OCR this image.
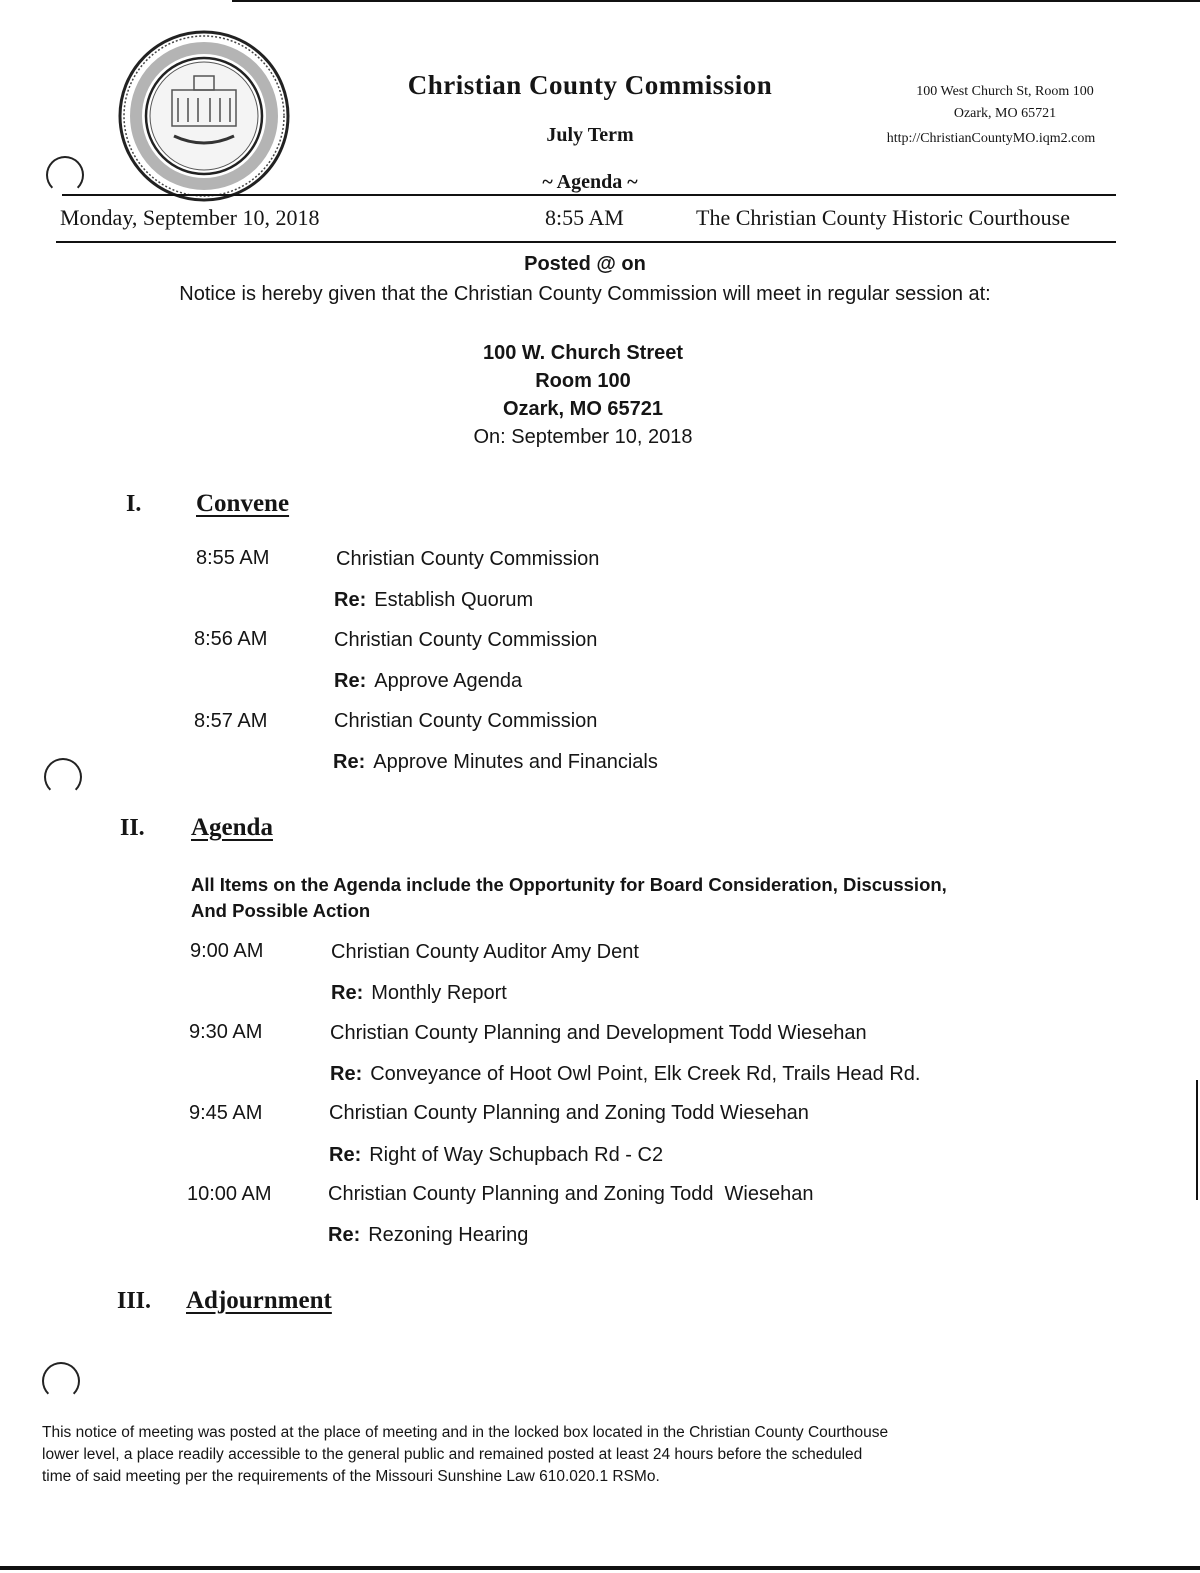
Christian County Commission
July Term
~ Agenda ~
100 West Church St, Room 100
Ozark, MO 65721
http://ChristianCountyMO.iqm2.com
Monday, September 10, 2018	8:55 AM	The Christian County Historic Courthouse
Posted @ on
Notice is hereby given that the Christian County Commission will meet in regular session at:
100 W. Church Street
Room 100
Ozark, MO 65721
On: September 10, 2018
I. Convene
8:55 AM	Christian County Commission
Re: Establish Quorum
8:56 AM	Christian County Commission
Re: Approve Agenda
8:57 AM	Christian County Commission
Re: Approve Minutes and Financials
II. Agenda
All Items on the Agenda include the Opportunity for Board Consideration, Discussion,
And Possible Action
9:00 AM	Christian County Auditor Amy Dent
Re: Monthly Report
9:30 AM	Christian County Planning and Development Todd Wiesehan
Re: Conveyance of Hoot Owl Point, Elk Creek Rd, Trails Head Rd.
9:45 AM	Christian County Planning and Zoning Todd Wiesehan
Re: Right of Way Schupbach Rd - C2
10:00 AM	Christian County Planning and Zoning Todd  Wiesehan
Re: Rezoning Hearing
III. Adjournment
This notice of meeting was posted at the place of meeting and in the locked box located in the Christian County Courthouse
lower level, a place readily accessible to the general public and remained posted at least 24 hours before the scheduled
time of said meeting per the requirements of the Missouri Sunshine Law 610.020.1 RSMo.
